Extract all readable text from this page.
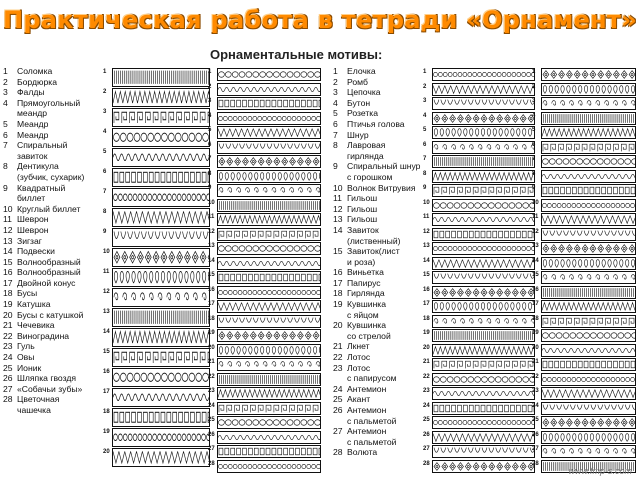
Практическая работа в тетради «Орнамент»
Орнаментальные мотивы:
1	Соломка
2	Бордюрка
3	Фалды
4	Прямоугольный
меандр
5	Меандр
6	Меандр
7	Спиральный
завиток
8	Дентикула
(зубчик, сухарик)
9	Квадратный
биллет
10 Круглый биллет
11 Шеврон
12 Шеврон
13 Зигзаг
14 Подвески
15 Волнообразный
16 Волнообразный
17 Двойной конус
18 Бусы
19 Катушка
20 Бусы с катушкой
21 Чечевика
22 Виноградина
23 Гуль
24 Овы
25 Ионик
26 Шляпка гвоздя
27 «Собачьи зубы»
28 Цветочная
чашечка
1	Елочка
2	Ромб
3	Цепочка
4	Бутон
5	Розетка
6	Птичья голова
7	Шнур
8	Лавровая
гирлянда
9	Спиральный шнур
с горошком
10 Волнок Витрувия
11 Гильош
12 Гильош
13 Гильош
14 Завиток
(лиственный)
15 Завиток(лист
и роза)
16 Виньетка
17 Папирус
18 Гирлянда
19 Кувшинка
с яйцом
20 Кувшинка
со стрелой
21 Лкнет
22 Лотос
23 Лотос
с папирусом
24 Антемион
25 Акант
26 Антемион
с пальметой
27 Антемион
с пальметой
28 Волюта
1
2
3
4
5
6
7
8
9
10
11
12
13
14
15
16
17
18
19
20
1
2
3
4
5
6
7
8
9
10
11
12
13
14
15
16
17
18
19
20
21
22
23
24
25
26
27
28
1
2
3
4
5
6
7
8
9
10
11
12
13
14
15
16
17
18
19
20
21
22
23
24
25
26
27
28
1
2
3
4
5
6
7
8
9
10
11
12
13
14
15
16
17
18
19
20
21
22
23
24
25
26
27
28
www.fmp-s.com
